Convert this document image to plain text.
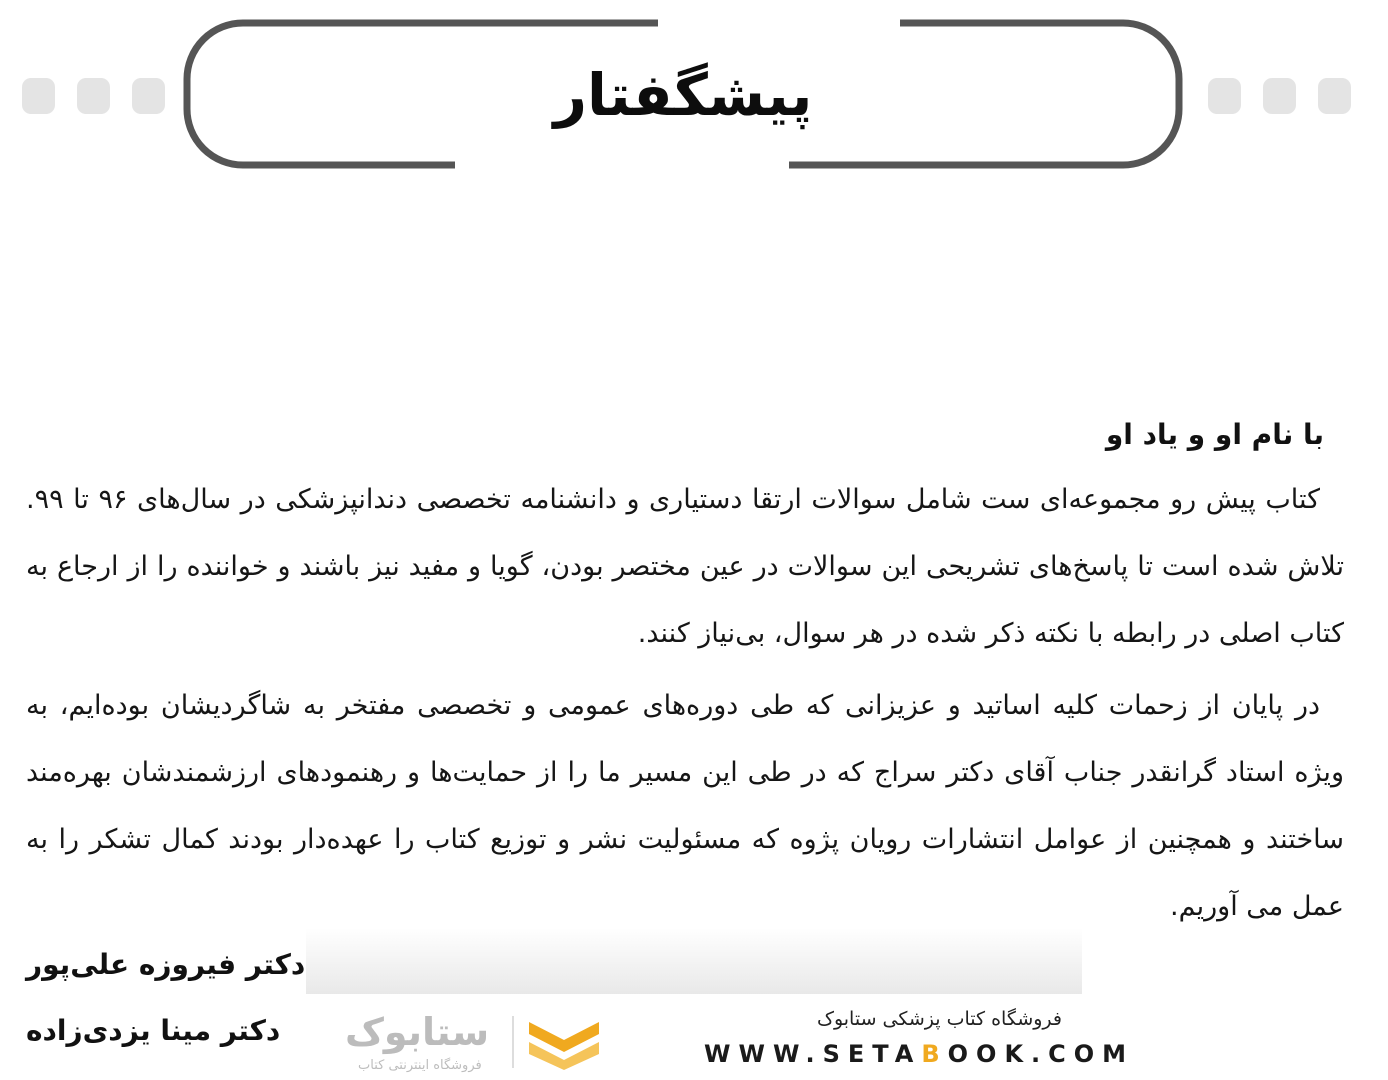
پیشگفتار
با نام او و یاد او

کتاب پیش رو مجموعه‌ای ست شامل سوالات ارتقا دستیاری و دانشنامه تخصصی دندانپزشکی در سال‌های ۹۶ تا ۹۹. تلاش شده است تا پاسخ‌های تشریحی این سوالات در عین مختصر بودن، گویا و مفید نیز باشند و خواننده را از ارجاع به کتاب اصلی در رابطه با نکته ذکر شده در هر سوال، بی‌نیاز کنند.

در پایان از زحمات کلیه اساتید و عزیزانی که طی دوره‌های عمومی و تخصصی مفتخر به شاگردیشان بوده‌ایم، به ویژه استاد گرانقدر جناب آقای دکتر سراج که در طی این مسیر ما را از حمایت‌ها و رهنمودهای ارزشمندشان بهره‌مند ساختند و همچنین از عوامل انتشارات رویان پژوه که مسئولیت نشر و توزیع کتاب را عهده‌دار بودند کمال تشکر را به عمل می آوریم.

دکتر فیروزه علی‌پور
دکتر مینا یزدی‌زاده ستابوک
فروشگاه اینترنتی کتاب
فروشگاه کتاب پزشکی ستابوک
WWW.SETABOOK.COM
